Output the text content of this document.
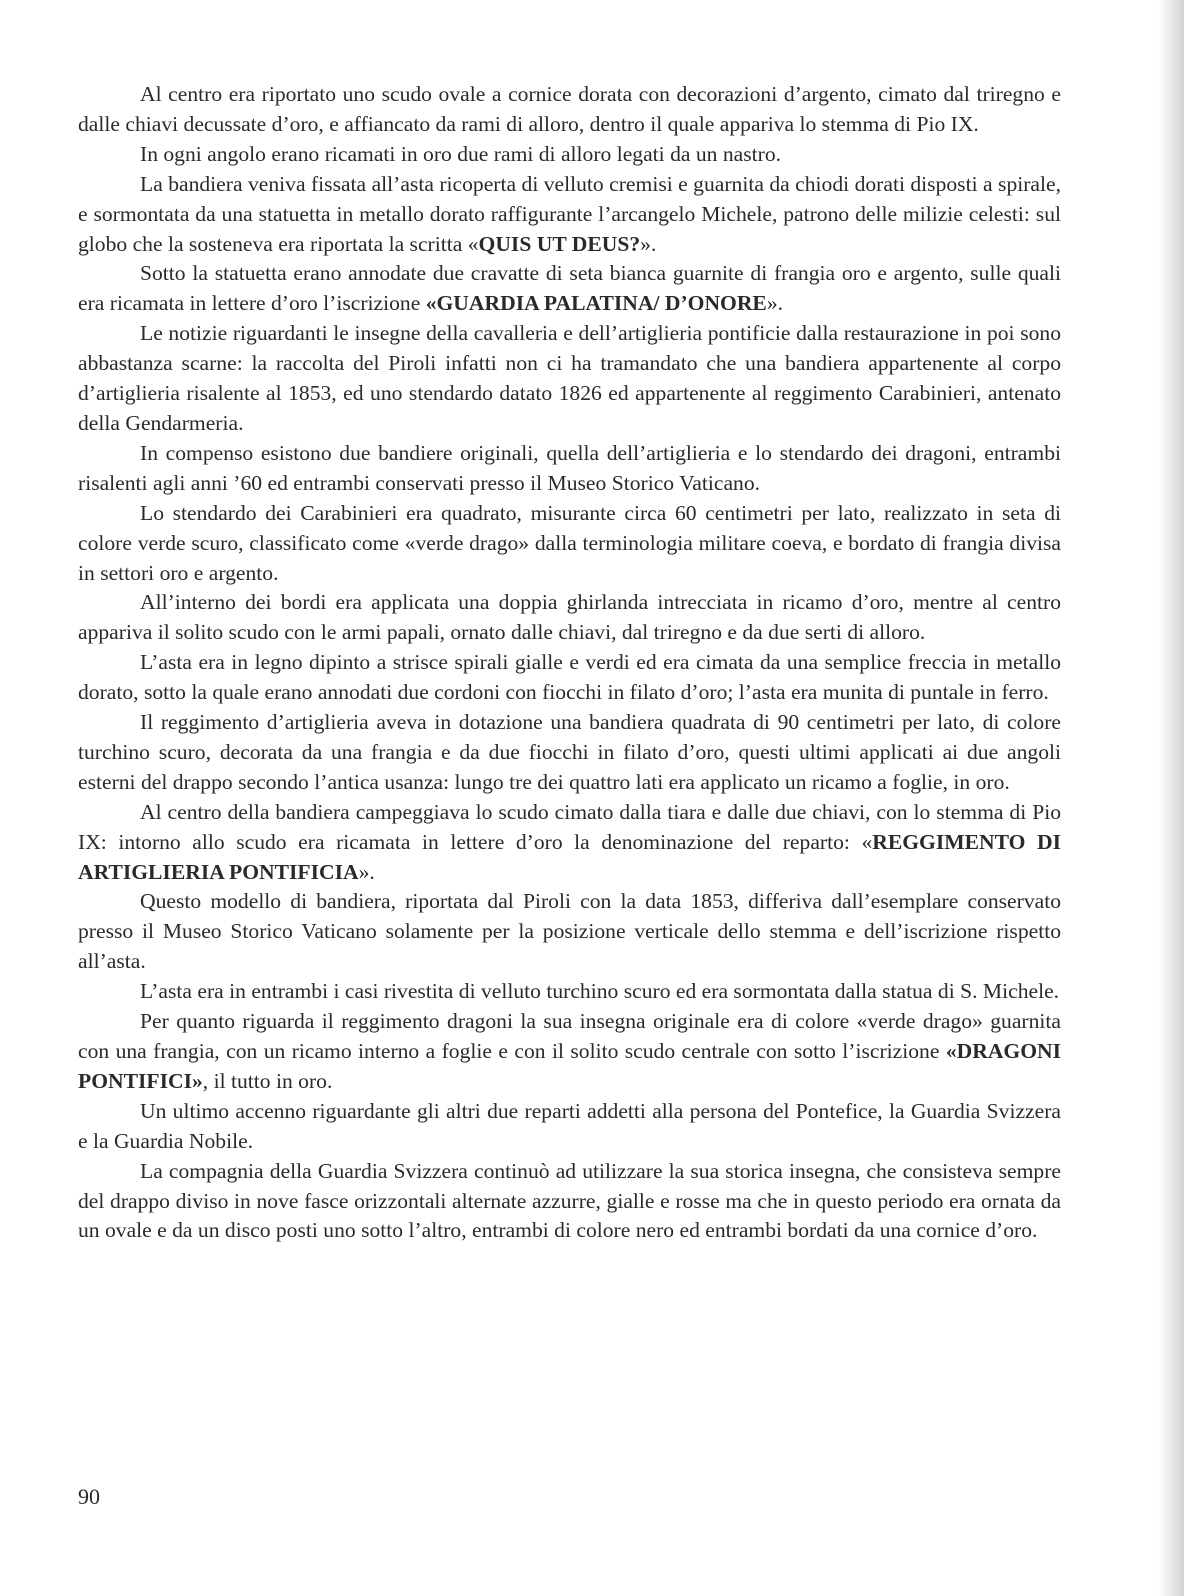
Al centro era riportato uno scudo ovale a cornice dorata con decorazioni d’argento, cimato dal triregno e dalle chiavi decussate d’oro, e affiancato da rami di alloro, dentro il quale appariva lo stemma di Pio IX.

In ogni angolo erano ricamati in oro due rami di alloro legati da un nastro.

La bandiera veniva fissata all’asta ricoperta di velluto cremisi e guarnita da chiodi dorati disposti a spirale, e sormontata da una statuetta in metallo dorato raffigurante l’arcangelo Michele, patrono delle milizie celesti: sul globo che la sosteneva era riportata la scritta «QUIS UT DEUS?».

Sotto la statuetta erano annodate due cravatte di seta bianca guarnite di frangia oro e argento, sulle quali era ricamata in lettere d’oro l’iscrizione «GUARDIA PALATINA/ D’ONORE».

Le notizie riguardanti le insegne della cavalleria e dell’artiglieria pontificie dalla restaurazione in poi sono abbastanza scarne: la raccolta del Piroli infatti non ci ha tramandato che una bandiera appartenente al corpo d’artiglieria risalente al 1853, ed uno stendardo datato 1826 ed appartenente al reggimento Carabinieri, antenato della Gendarmeria.

In compenso esistono due bandiere originali, quella dell’artiglieria e lo stendardo dei dragoni, entrambi risalenti agli anni ’60 ed entrambi conservati presso il Museo Storico Vaticano.

Lo stendardo dei Carabinieri era quadrato, misurante circa 60 centimetri per lato, realizzato in seta di colore verde scuro, classificato come «verde drago» dalla terminologia militare coeva, e bordato di frangia divisa in settori oro e argento.

All’interno dei bordi era applicata una doppia ghirlanda intrecciata in ricamo d’oro, mentre al centro appariva il solito scudo con le armi papali, ornato dalle chiavi, dal triregno e da due serti di alloro.

L’asta era in legno dipinto a strisce spirali gialle e verdi ed era cimata da una semplice freccia in metallo dorato, sotto la quale erano annodati due cordoni con fiocchi in filato d’oro; l’asta era munita di puntale in ferro.

Il reggimento d’artiglieria aveva in dotazione una bandiera quadrata di 90 centimetri per lato, di colore turchino scuro, decorata da una frangia e da due fiocchi in filato d’oro, questi ultimi applicati ai due angoli esterni del drappo secondo l’antica usanza: lungo tre dei quattro lati era applicato un ricamo a foglie, in oro.

Al centro della bandiera campeggiava lo scudo cimato dalla tiara e dalle due chiavi, con lo stemma di Pio IX: intorno allo scudo era ricamata in lettere d’oro la denominazione del reparto: «REGGIMENTO DI ARTIGLIERIA PONTIFICIA».

Questo modello di bandiera, riportata dal Piroli con la data 1853, differiva dall’esemplare conservato presso il Museo Storico Vaticano solamente per la posizione verticale dello stemma e dell’iscrizione rispetto all’asta.

L’asta era in entrambi i casi rivestita di velluto turchino scuro ed era sormontata dalla statua di S. Michele.

Per quanto riguarda il reggimento dragoni la sua insegna originale era di colore «verde drago» guarnita con una frangia, con un ricamo interno a foglie e con il solito scudo centrale con sotto l’iscrizione «DRAGONI PONTIFICI», il tutto in oro.

Un ultimo accenno riguardante gli altri due reparti addetti alla persona del Pontefice, la Guardia Svizzera e la Guardia Nobile.

La compagnia della Guardia Svizzera continuò ad utilizzare la sua storica insegna, che consisteva sempre del drappo diviso in nove fasce orizzontali alternate azzurre, gialle e rosse ma che in questo periodo era ornata da un ovale e da un disco posti uno sotto l’altro, entrambi di colore nero ed entrambi bordati da una cornice d’oro.

90
